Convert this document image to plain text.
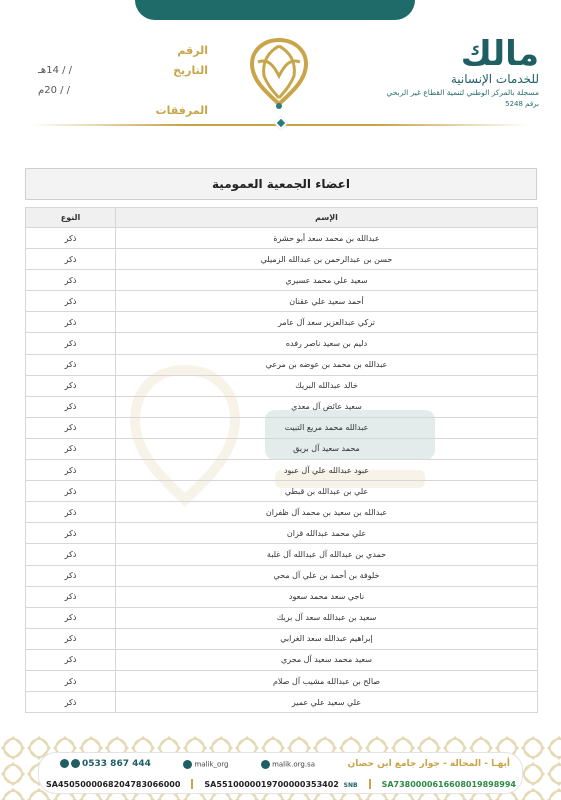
مالك
للخدمات الإنسانية
مسجلة بالمركز الوطني لتنمية القطاع غير الربحي
برقم 5248
الرقم
التاريخ
/ / 14هـ
/ / 20م
المرفقات
اعضاء الجمعية العمومية
الإسم	النوع
عبدالله بن محمد سعد أبو حشرة	ذكر
حسن بن عبدالرحمن بن عبدالله الزميلي	ذكر
سعيد علي محمد عسيري	ذكر
أحمد سعيد علي عقنان	ذكر
تركي عبدالعزيز سعد آل عامر	ذكر
دليم بن سعيد ناصر رفده	ذكر
عبدالله بن محمد بن عوضه بن مرعي	ذكر
خالد عبدالله البريك	ذكر
سعيد عائض آل معدي	ذكر
عبدالله محمد مريع التبيت	ذكر
محمد سعيد آل بريق	ذكر
عبود عبدالله علي آل عبود	ذكر
علي بن عبدالله بن قبطي	ذكر
عبدالله بن سعيد بن محمد آل ظفران	ذكر
علي محمد عبدالله قزان	ذكر
حمدي بن عبدالله آل عبدالله آل غلبة	ذكر
خلوفة بن أحمد بن علي آل محي	ذكر
ناجي سعد محمد سعود	ذكر
سعيد بن عبدالله سعد آل بريك	ذكر
إبراهيم عبدالله سعد الغرابي	ذكر
سعيد محمد سعيد آل مجري	ذكر
صالح بن عبدالله مشيب آل صلام	ذكر
علي سعيد علي عمير	ذكر
0533 867 444	malik_org	malik.org.sa	أبهـا - المحالة - جوار جامع ابن حصان
SA4505000068204783066000	SA5510000019700000353402 SNB	SA7380000616608019898994
